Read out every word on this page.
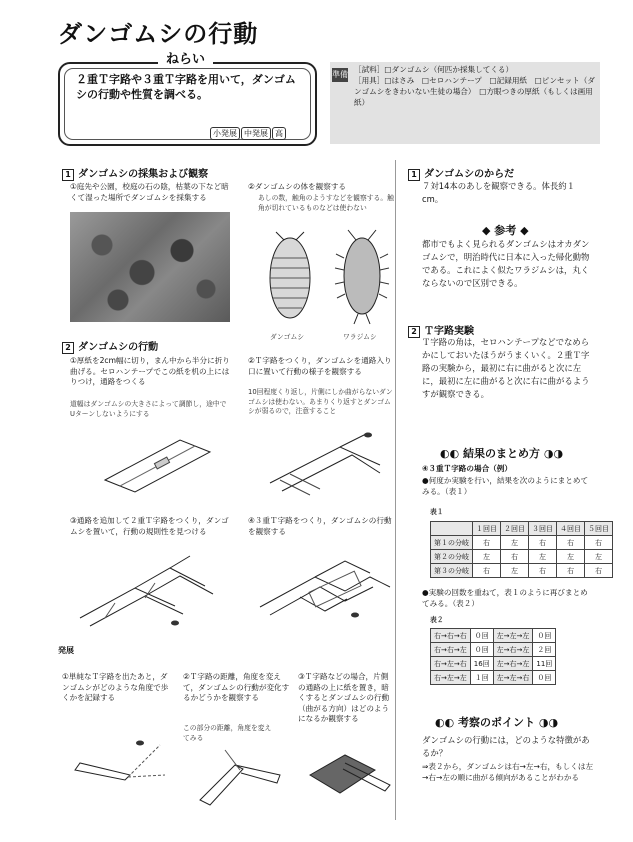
ダンゴムシの行動
ねらい
２重Ｔ字路や３重Ｔ字路を用いて，ダンゴムシの行動や性質を調べる。
小発展 中発展 高
準備
［試料］□ダンゴムシ（何匹か採集してくる）
［用具］□はさみ　□セロハンテープ　□記録用紙　□ピンセット（ダンゴムシをきわいない生徒の場合）　□方眼つきの厚紙（もしくは画用紙）
1 ダンゴムシの採集および観察
①庭先や公園，校庭の石の陰，枯葉の下など暗くて湿った場所でダンゴムシを採集する
②ダンゴムシの体を観察する
あしの数，触角のようすなどを観察する。触角が切れているものなどは使わない
ダンゴムシ	ワラジムシ
2 ダンゴムシの行動
①厚紙を2cm幅に切り，まん中から半分に折り曲げる。セロハンテープでこの紙を机の上にはりつけ，通路をつくる
道幅はダンゴムシの大きさによって調節し，途中でUターンしないようにする
②Ｔ字路をつくり，ダンゴムシを通路入り口に置いて行動の様子を観察する
10回程度くり返し，片側にしか曲がらないダンゴムシは使わない。あまりくり返すとダンゴムシが弱るので，注意すること
③通路を追加して２重Ｔ字路をつくり，ダンゴムシを置いて，行動の規則性を見つける
④３重Ｔ字路をつくり，ダンゴムシの行動を観察する
発展
①単純なＴ字路を出たあと，ダンゴムシがどのような角度で歩くかを記録する
②Ｔ字路の距離，角度を変えて，ダンゴムシの行動が変化するかどうかを観察する
この部分の距離，角度を変えてみる
③Ｔ字路などの場合，片側の通路の上に紙を置き，暗くするとダンゴムシの行動（曲がる方向）はどのようになるか観察する
1 ダンゴムシのからだ
７対14本のあしを観察できる。体長約１cm。
◆ 参考 ◆
都市でもよく見られるダンゴムシはオカダンゴムシで，明治時代に日本に入った帰化動物である。これによく似たワラジムシは，丸くならないので区別できる。
2 Ｔ字路実験
Ｔ字路の角は，セロハンテープなどでなめらかにしておいたほうがうまくいく。２重Ｔ字路の実験から，最初に右に曲がると次に左に，最初に左に曲がると次に右に曲がるようすが観察できる。
◐◐ 結果のまとめ方 ◑◑
④３重Ｔ字路の場合（例）
●何度か実験を行い，結果を次のようにまとめてみる。（表１）
表１
	１回目	２回目	３回目	４回目	５回目
第１の分岐	右	左	右	右	右
第２の分岐	左	右	左	左	左
第３の分岐	右	左	右	右	右
●実験の回数を重ねて，表１のように再びまとめてみる。（表２）
表２
右→右→右	０回	左→左→左	０回
右→右→左	０回	左→右→左	２回
右→左→右	16回	左→右→左	11回
右→左→左	１回	左→左→右	０回
◐◐ 考察のポイント ◑◑
ダンゴムシの行動には，どのような特徴があるか？
⇒表２から，ダンゴムシは右→左→右，もしくは左→右→左の順に曲がる傾向があることがわかる
